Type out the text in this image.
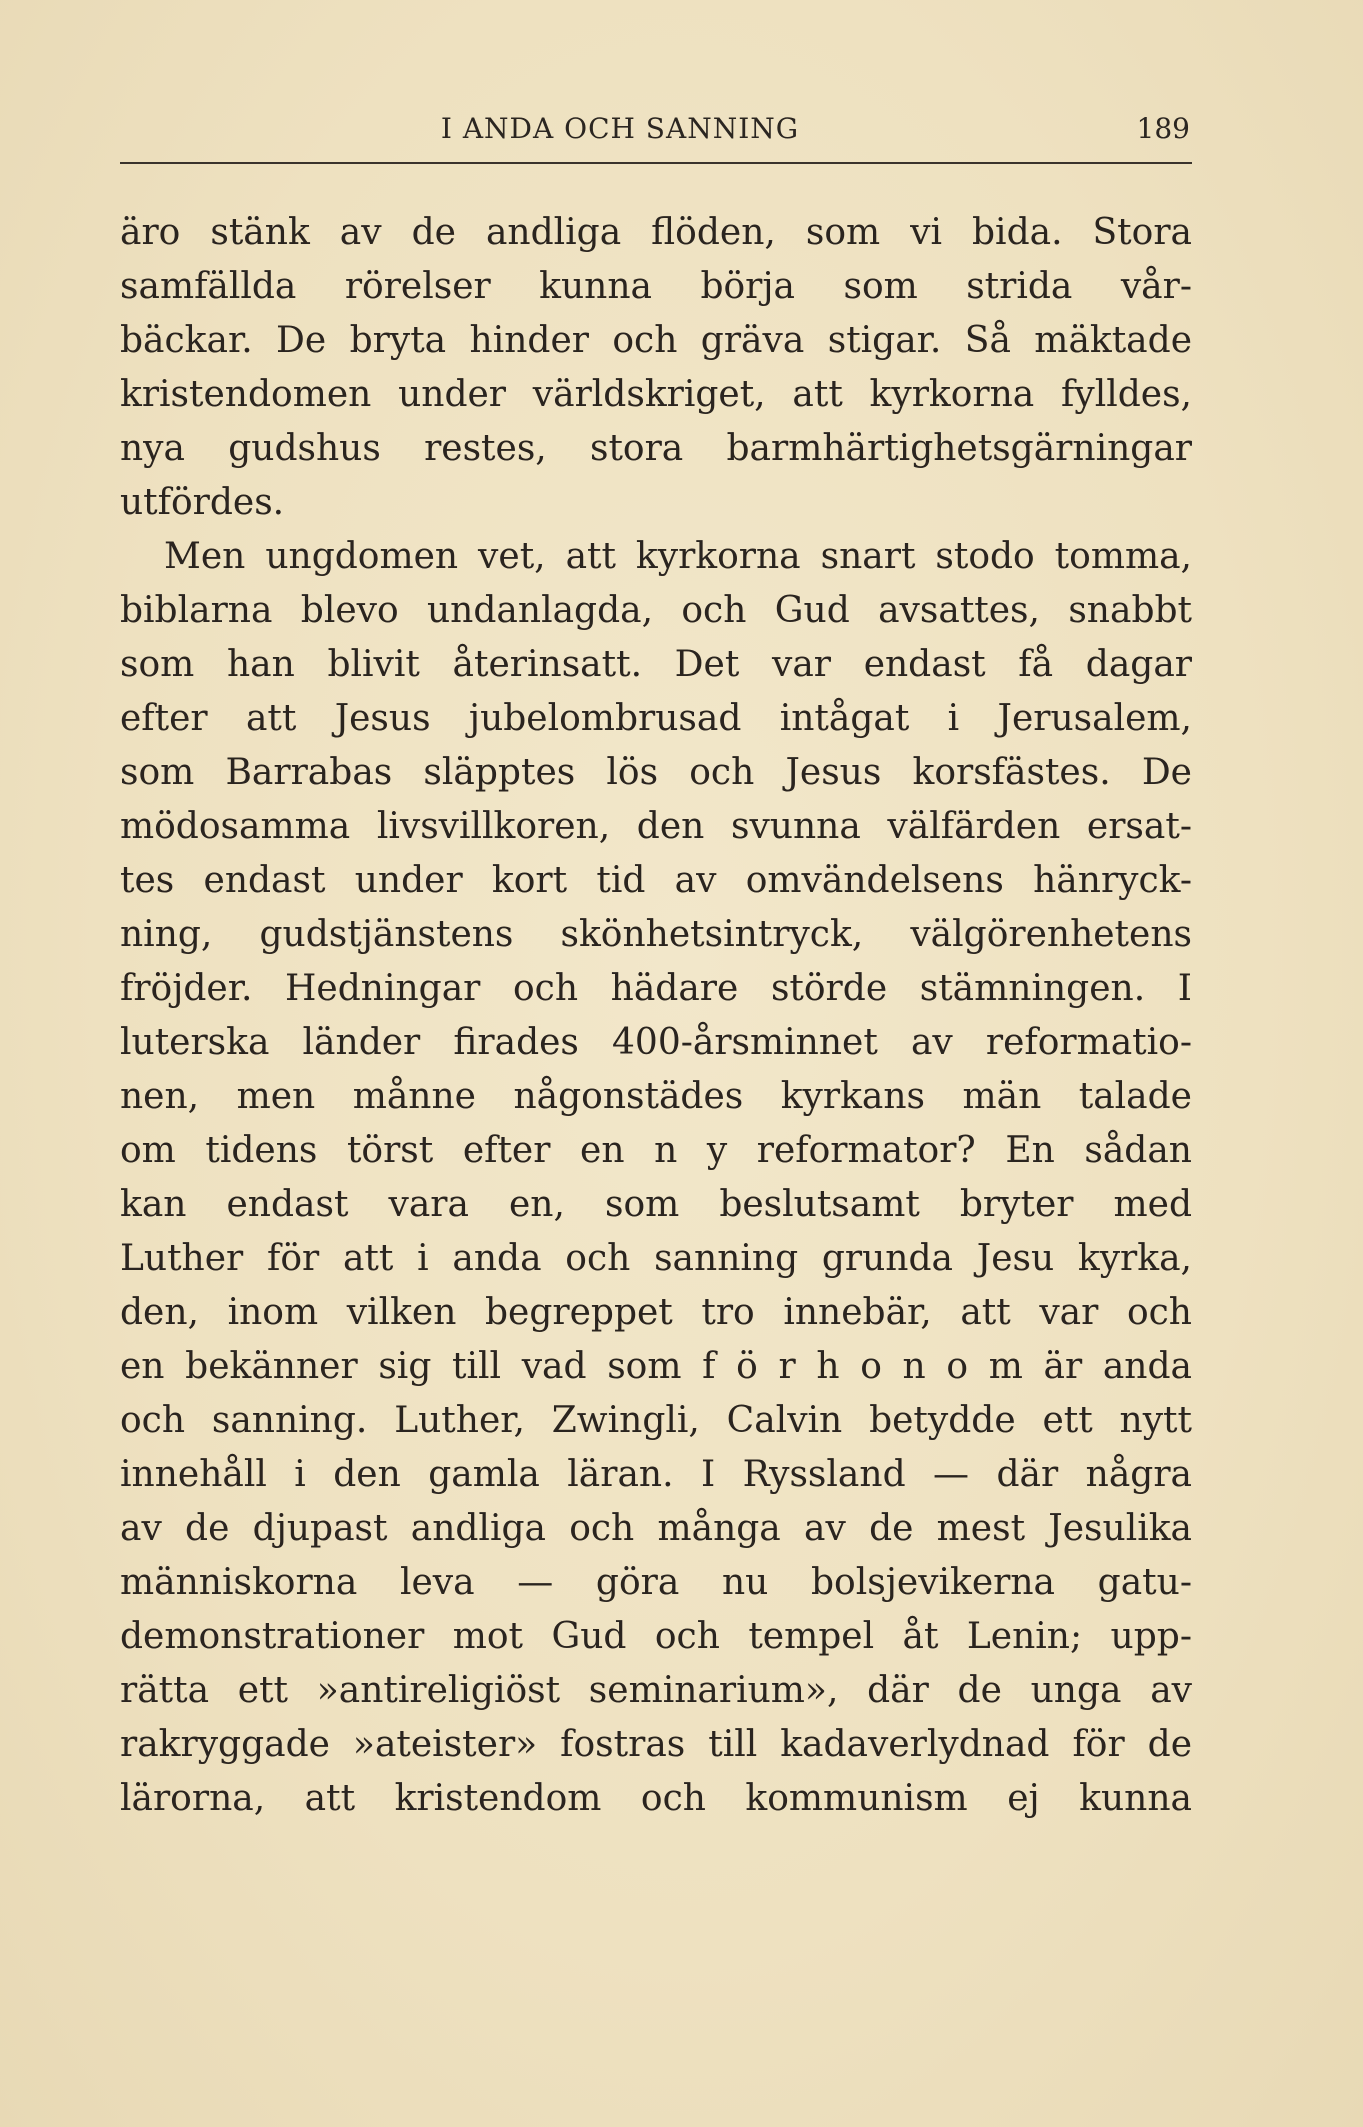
I ANDA OCH SANNING	189
äro stänk av de andliga flöden, som vi bida. Stora
samfällda rörelser kunna börja som strida vår-
bäckar. De bryta hinder och gräva stigar. Så mäktade
kristendomen under världskriget, att kyrkorna fylldes,
nya gudshus restes, stora barmhärtighetsgärningar
utfördes.
Men ungdomen vet, att kyrkorna snart stodo tomma,
biblarna blevo undanlagda, och Gud avsattes, snabbt
som han blivit återinsatt. Det var endast få dagar
efter att Jesus jubelombrusad intågat i Jerusalem,
som Barrabas släpptes lös och Jesus korsfästes. De
mödosamma livsvillkoren, den svunna välfärden ersat-
tes endast under kort tid av omvändelsens hänryck-
ning, gudstjänstens skönhetsintryck, välgörenhetens
fröjder. Hedningar och hädare störde stämningen. I
luterska länder firades 400-årsminnet av reformatio-
nen, men månne någonstädes kyrkans män talade
om tidens törst efter en n y reformator? En sådan
kan endast vara en, som beslutsamt bryter med
Luther för att i anda och sanning grunda Jesu kyrka,
den, inom vilken begreppet tro innebär, att var och
en bekänner sig till vad som f ö r h o n o m är anda
och sanning. Luther, Zwingli, Calvin betydde ett nytt
innehåll i den gamla läran. I Ryssland — där några
av de djupast andliga och många av de mest Jesulika
människorna leva — göra nu bolsjevikerna gatu-
demonstrationer mot Gud och tempel åt Lenin; upp-
rätta ett »antireligiöst seminarium», där de unga av
rakryggade »ateister» fostras till kadaverlydnad för de
lärorna, att kristendom och kommunism ej kunna
